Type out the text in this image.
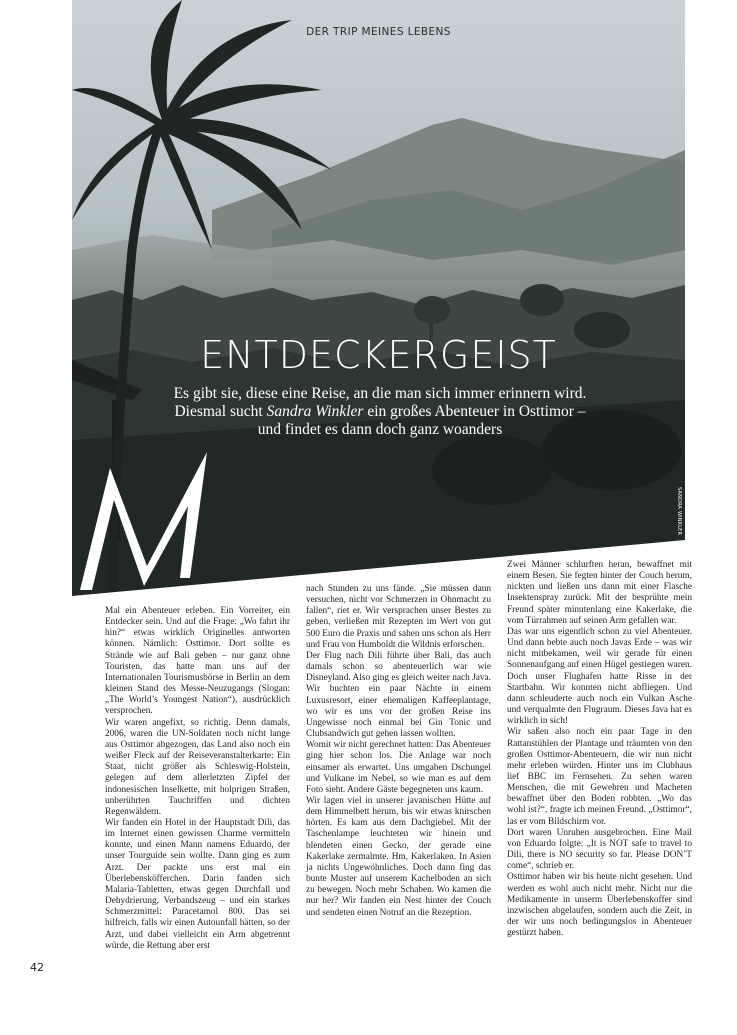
DER TRIP MEINES LEBENS
ENTDECKERGEIST
Es gibt sie, diese eine Reise, an die man sich immer erinnern wird.
Diesmal sucht Sandra Winkler ein großes Abenteuer in Osttimor –
und findet es dann doch ganz woanders
SANDRA WINKLER

Mal ein Abenteuer erleben. Ein Vorreiter, ein Entdecker sein. Und auf die Frage: „Wo fahrt ihr hin?“ etwas wirklich Originelles antworten können. Nämlich: Osttimor. Dort sollte es Strände wie auf Bali geben – nur ganz ohne Touristen, das hatte man uns auf der Internationalen Tourismusbörse in Berlin an dem kleinen Stand des Messe-Neuzugangs (Slogan: „The World’s Youngest Nation“), ausdrücklich versprochen.

Wir waren angefixt, so richtig. Denn damals, 2006, waren die UN-Soldaten noch nicht lange aus Osttimor abgezogen, das Land also noch ein weißer Fleck auf der Reiseveranstalterkarte: Ein Staat, nicht größer als Schleswig-Holstein, gelegen auf dem allerletzten Zipfel der indonesischen Inselkette, mit holprigen Straßen, unberührten Tauchriffen und dichten Regenwäldern.

Wir fanden ein Hotel in der Hauptstadt Dili, das im Internet einen gewissen Charme vermitteln konnte, und einen Mann namens Eduardo, der unser Tourguide sein wollte. Dann ging es zum Arzt. Der packte uns erst mal ein Überlebensköfferchen. Darin fanden sich Malaria-Tabletten, etwas gegen Durchfall und Dehydrierung, Verbandszeug – und ein starkes Schmerzmittel: Paracetamol 800. Das sei hilfreich, falls wir einen Autounfall hätten, so der Arzt, und dabei vielleicht ein Arm abgetrennt würde, die Rettung aber erst

nach Stunden zu uns fände. „Sie müssen dann versuchen, nicht vor Schmerzen in Ohnmacht zu fallen“, riet er. Wir versprachen unser Bestes zu geben, verließen mit Rezepten im Wert von gut 500 Euro die Praxis und sahen uns schon als Herr und Frau von Humboldt die Wildnis erforschen.

Der Flug nach Dili führte über Bali, das auch damals schon so abenteuerlich war wie Disneyland. Also ging es gleich weiter nach Java. Wir buchten ein paar Nächte in einem Luxusresort, einer ehemaligen Kaffeeplantage, wo wir es uns vor der großen Reise ins Ungewisse noch einmal bei Gin Tonic und Clubsandwich gut gehen lassen wollten.

Womit wir nicht gerechnet hatten: Das Abenteuer ging hier schon los. Die Anlage war noch einsamer als erwartet. Uns umgaben Dschungel und Vulkane im Nebel, so wie man es auf dem Foto sieht. Andere Gäste begegneten uns kaum.

Wir lagen viel in unserer javanischen Hütte auf dem Himmelbett herum, bis wir etwas knirschen hörten. Es kam aus dem Dachgiebel. Mit der Taschenlampe leuchteten wir hinein und blendeten einen Gecko, der gerade eine Kakerlake zermalmte. Hm, Kakerlaken. In Asien ja nichts Ungewöhnliches. Doch dann fing das bunte Muster auf unserem Kachelboden an sich zu bewegen. Noch mehr Schaben. Wo kamen die nur her? Wir fanden ein Nest hinter der Couch und sendeten einen Notruf an die Rezeption.

Zwei Männer schlurften heran, bewaffnet mit einem Besen. Sie fegten hinter der Couch herum, nickten und ließen uns dann mit einer Flasche Insektenspray zurück. Mit der besprühte mein Freund später minutenlang eine Kakerlake, die vom Türrahmen auf seinen Arm gefallen war.

Das war uns eigentlich schon zu viel Abenteuer. Und dann bebte auch noch Javas Erde – was wir nicht mitbekamen, weil wir gerade für einen Sonnenaufgang auf einen Hügel gestiegen waren. Doch unser Flughafen hatte Risse in der Startbahn. Wir konnten nicht abfliegen. Und dann schleuderte auch noch ein Vulkan Asche und verqualmte den Flugraum. Dieses Java hat es wirklich in sich!

Wir saßen also noch ein paar Tage in den Rattanstühlen der Plantage und träumten von den großen Osttimor-Abenteuern, die wir nun nicht mehr erleben würden. Hinter uns im Clubhaus lief BBC im Fernsehen. Zu sehen waren Menschen, die mit Gewehren und Macheten bewaffnet über den Boden robbten. „Wo das wohl ist?“, fragte ich meinen Freund. „Osttimor“, las er vom Bildschirm vor.

Dort waren Unruhen ausgebrochen. Eine Mail von Eduardo folgte: „It is NOT safe to travel to Dili, there is NO security so far. Please DON’T come“, schrieb er.

Osttimor haben wir bis heute nicht gesehen. Und werden es wohl auch nicht mehr. Nicht nur die Medikamente in unserm Überlebenskoffer sind inzwischen abgelaufen, sondern auch die Zeit, in der wir uns noch bedingungslos in Abenteuer gestürzt haben.

42
